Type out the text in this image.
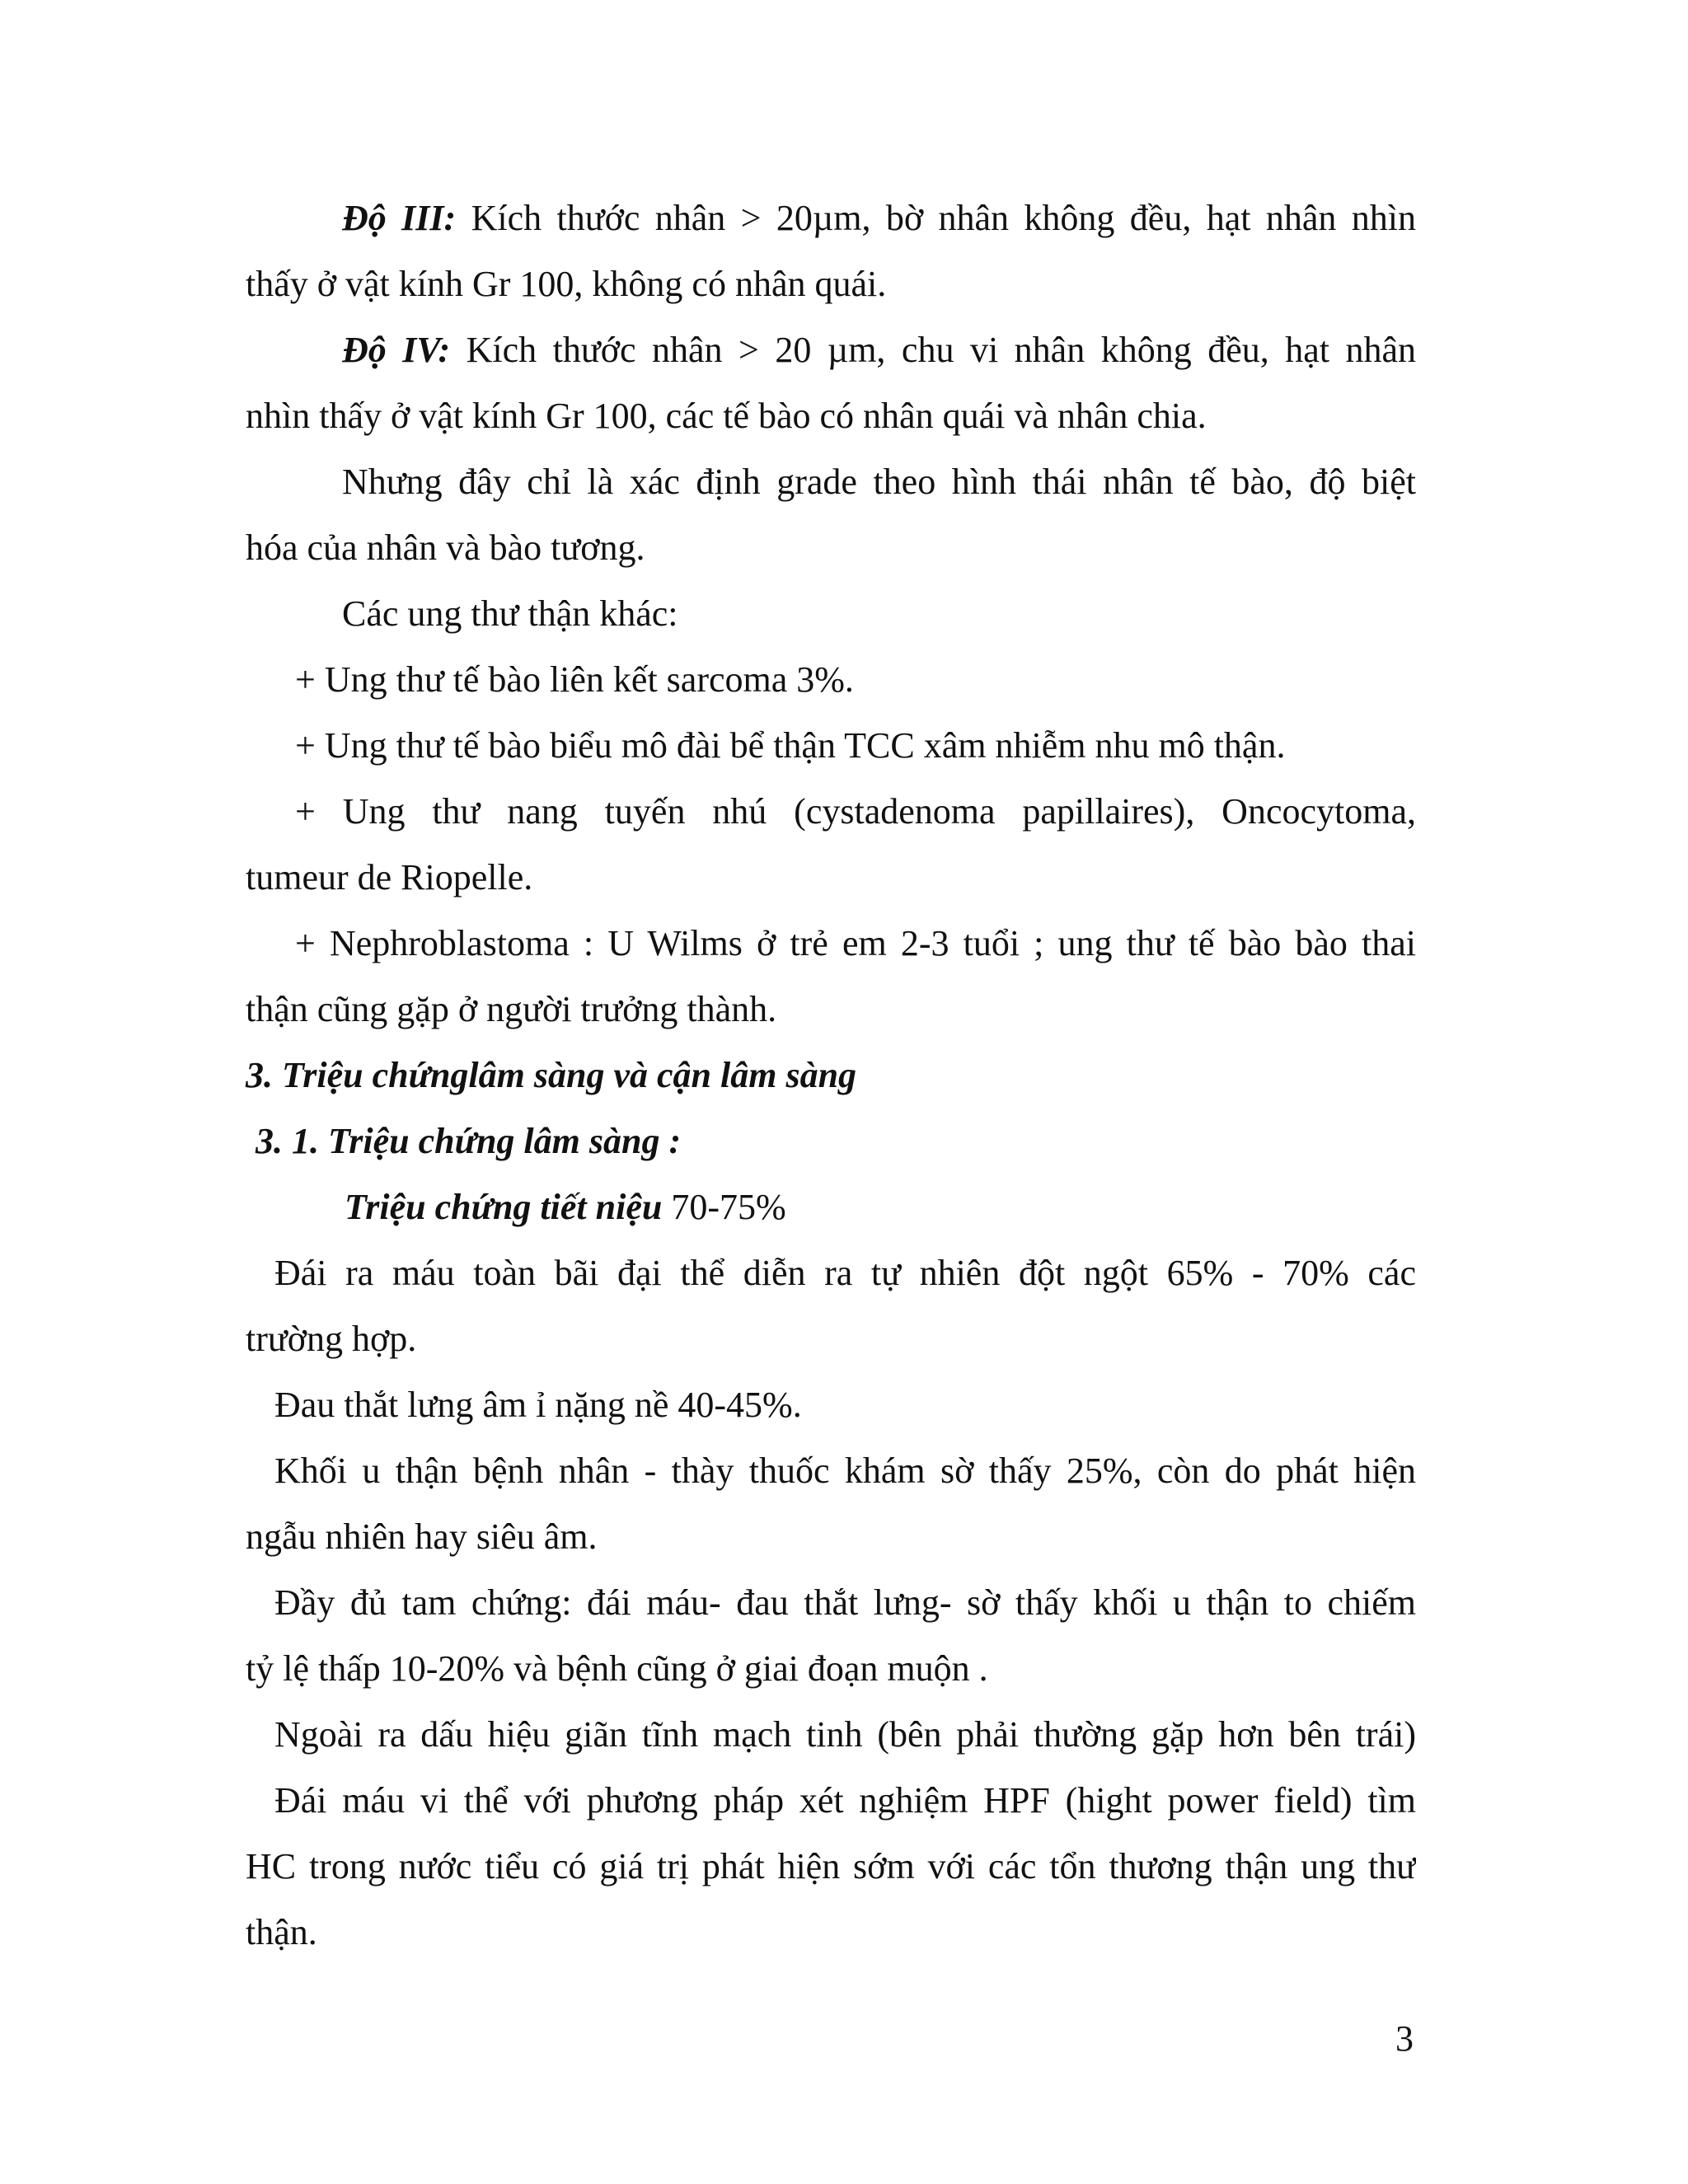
Độ III: Kích thước nhân > 20µm, bờ nhân không đều, hạt nhân nhìn
thấy ở vật kính Gr 100, không có nhân quái.
Độ IV: Kích thước nhân > 20 µm, chu vi nhân không đều, hạt nhân
nhìn thấy ở vật kính Gr 100, các tế bào có nhân quái và nhân chia.
Nhưng đây chỉ là xác định grade theo hình thái nhân tế bào, độ biệt
hóa của nhân và bào tương.
Các ung thư thận khác:
+ Ung thư tế bào liên kết sarcoma 3%.
+ Ung thư tế bào biểu mô đài bể thận TCC xâm nhiễm nhu mô thận.
+ Ung thư nang tuyến nhú (cystadenoma papillaires), Oncocytoma,
tumeur de Riopelle.
+ Nephroblastoma : U Wilms ở trẻ em 2-3 tuổi ; ung thư tế bào bào thai
thận cũng gặp ở người trưởng thành.
3. Triệu chứnglâm sàng và cận lâm sàng
3. 1. Triệu chứng lâm sàng :
Triệu chứng tiết niệu 70-75%
Đái ra máu toàn bãi đại thể diễn ra tự nhiên đột ngột 65% - 70% các
trường hợp.
Đau thắt lưng âm ỉ nặng nề 40-45%.
Khối u thận bệnh nhân - thày thuốc khám sờ thấy 25%, còn do phát hiện
ngẫu nhiên hay siêu âm.
Đầy đủ tam chứng: đái máu- đau thắt lưng- sờ thấy khối u thận to chiếm
tỷ lệ thấp 10-20% và bệnh cũng ở giai đoạn muộn .
Ngoài ra dấu hiệu giãn tĩnh mạch tinh (bên phải thường gặp hơn bên trái)
Đái máu vi thể với phương pháp xét nghiệm HPF (hight power field) tìm
HC trong nước tiểu có giá trị phát hiện sớm với các tổn thương thận ung thư
thận.
3
